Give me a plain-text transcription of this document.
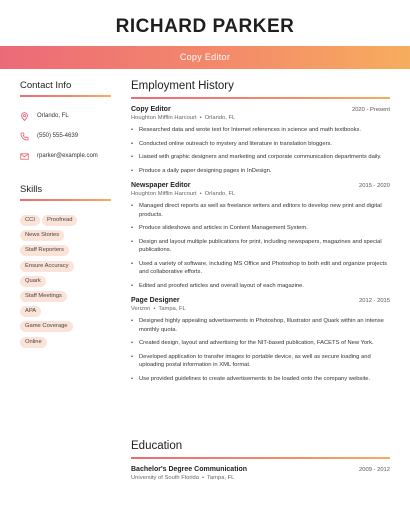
RICHARD PARKER
Copy Editor
Contact Info
Orlando, FL
(550) 555-4639
rparker@example.com
Skills
CCI Proofread
News Stories
Staff Reporters
Ensure Accuracy
Quark
Staff Meetings
APA
Game Coverage
Online
Employment History
Copy Editor	2020 - Present
Houghton Mifflin Harcourt • Orlando, FL
• Researched data and wrote text for Internet references in science and math textbooks.
• Conducted online outreach to mystery and literature in translation bloggers.
• Liaised with graphic designers and marketing and corporate communication departments daily.
• Produce a daily paper designing pages in InDesign.
Newspaper Editor	2015 - 2020
Houghton Mifflin Harcourt • Orlando, FL
• Managed direct reports as well as freelance writers and editors to develop new print and digital products.
• Produce slideshows and articles in Content Management System.
• Design and layout multiple publications for print, including newspapers, magazines and special publications.
• Used a variety of software, including MS Office and Photoshop to both edit and organize projects and collaborative efforts.
• Edited and proofed articles and overall layout of each magazine.
Page Designer	2012 - 2015
Verizon • Tampa, FL
• Designed highly appealing advertisements in Photoshop, Illustrator and Quark within an intense monthly quota.
• Created design, layout and advertising for the NIT-based publication, FACETS of New York.
• Developed application to transfer images to portable device, as well as secure loading and uploading postal information in XML format.
• Use provided guidelines to create advertisements to be loaded onto the company website.
Education
Bachelor's Degree Communication	2009 - 2012
University of South Florida • Tampa, FL
